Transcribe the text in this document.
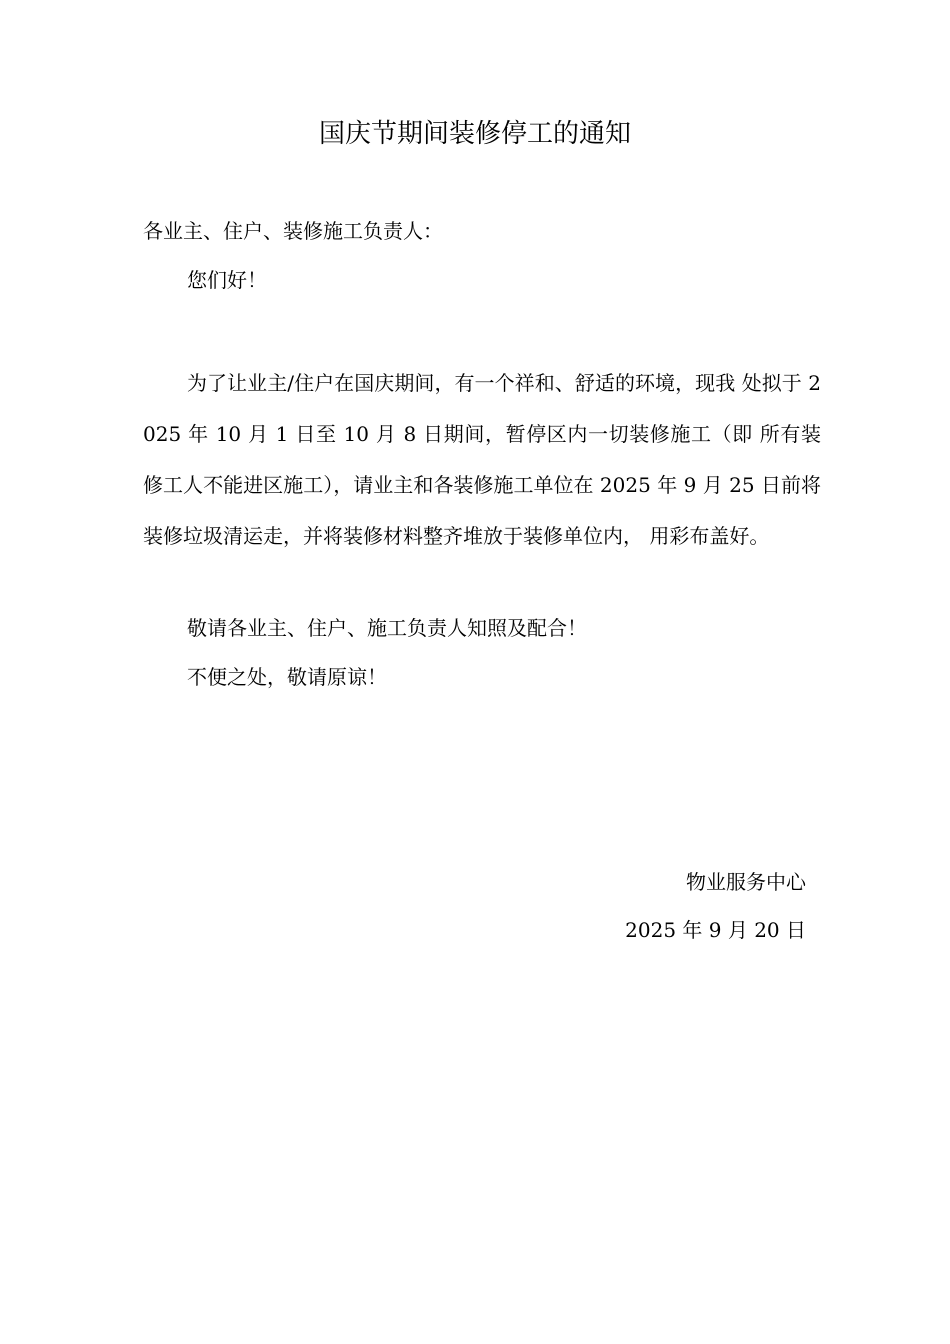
国庆节期间装修停工的通知
各业主、住户、装修施工负责人：
您们好！
为了让业主/住户在国庆期间，有一个祥和、舒适的环境，现我 处拟于 2025 年 10 月 1 日至 10 月 8 日期间，暂停区内一切装修施工（即 所有装修工人不能进区施工），请业主和各装修施工单位在 2025 年 9 月 25 日前将装修垃圾清运走，并将装修材料整齐堆放于装修单位内， 用彩布盖好。
敬请各业主、住户、施工负责人知照及配合！
不便之处，敬请原谅！
物业服务中心
2025 年 9 月 20 日
